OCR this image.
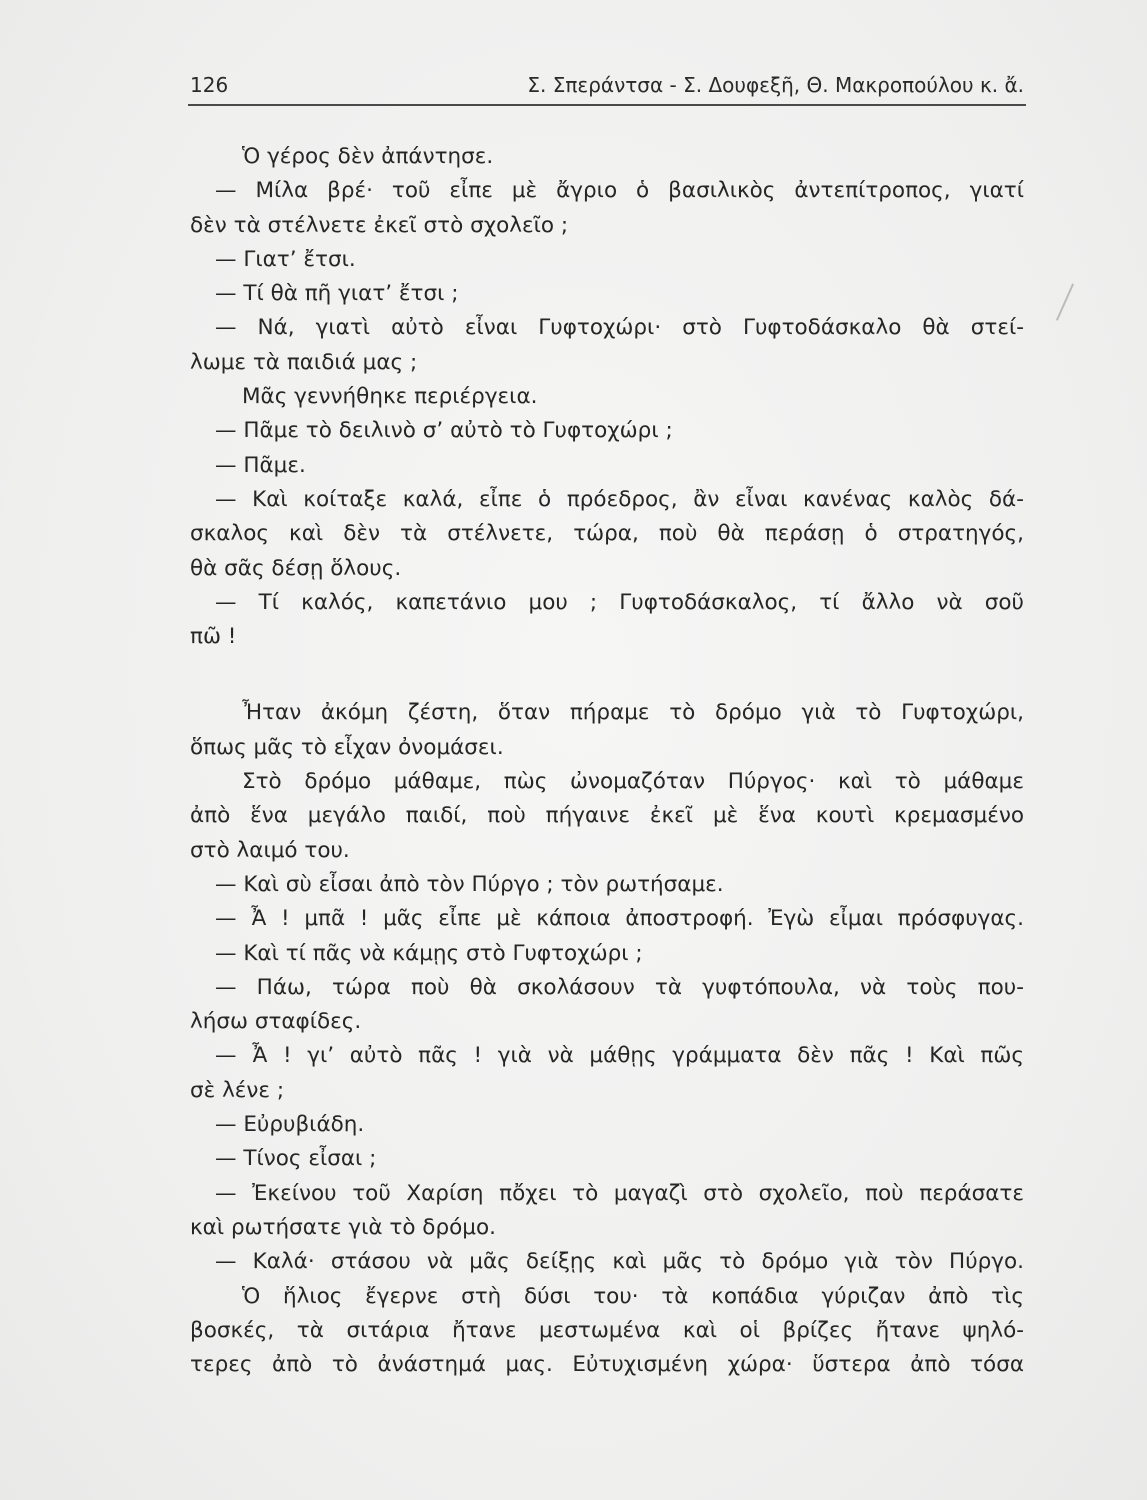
126	Σ. Σπεράντσα - Σ. Δουφεξῆ, Θ. Μακροπούλου κ. ἄ.
Ὁ γέρος δὲν ἀπάντησε.
— Μίλα βρέ· τοῦ εἶπε μὲ ἄγριο ὁ βασιλικὸς ἀντεπίτροπος, γιατί
δὲν τὰ στέλνετε ἐκεῖ στὸ σχολεῖο ;
— Γιατ’ ἔτσι.
— Τί θὰ πῆ γιατ’ ἔτσι ;
— Νά, γιατὶ αὐτὸ εἶναι Γυφτοχώρι· στὸ Γυφτοδάσκαλο θὰ στεί-
λωμε τὰ παιδιά μας ;
Μᾶς γεννήθηκε περιέργεια.
— Πᾶμε τὸ δειλινὸ σ’ αὐτὸ τὸ Γυφτοχώρι ;
— Πᾶμε.
— Καὶ κοίταξε καλά, εἶπε ὁ πρόεδρος, ἂν εἶναι κανένας καλὸς δά-
σκαλος καὶ δὲν τὰ στέλνετε, τώρα, ποὺ θὰ περάσῃ ὁ στρατηγός,
θὰ σᾶς δέσῃ ὅλους.
— Τί καλός, καπετάνιο μου ; Γυφτοδάσκαλος, τί ἄλλο νὰ σοῦ
πῶ !
Ἦταν ἀκόμη ζέστη, ὅταν πήραμε τὸ δρόμο γιὰ τὸ Γυφτοχώρι,
ὅπως μᾶς τὸ εἶχαν ὀνομάσει.
Στὸ δρόμο μάθαμε, πὼς ὠνομαζόταν Πύργος· καὶ τὸ μάθαμε
ἀπὸ ἕνα μεγάλο παιδί, ποὺ πήγαινε ἐκεῖ μὲ ἕνα κουτὶ κρεμασμένο
στὸ λαιμό του.
— Καὶ σὺ εἶσαι ἀπὸ τὸν Πύργο ; τὸν ρωτήσαμε.
— Ἆ ! μπᾶ ! μᾶς εἶπε μὲ κάποια ἀποστροφή. Ἐγὼ εἶμαι πρόσφυγας.
— Καὶ τί πᾶς νὰ κάμῃς στὸ Γυφτοχώρι ;
— Πάω, τώρα ποὺ θὰ σκολάσουν τὰ γυφτόπουλα, νὰ τοὺς που-
λήσω σταφίδες.
— Ἆ ! γι’ αὐτὸ πᾶς ! γιὰ νὰ μάθῃς γράμματα δὲν πᾶς ! Καὶ πῶς
σὲ λένε ;
— Εὐρυβιάδη.
— Τίνος εἶσαι ;
— Ἐκείνου τοῦ Χαρίση πὄχει τὸ μαγαζὶ στὸ σχολεῖο, ποὺ περάσατε
καὶ ρωτήσατε γιὰ τὸ δρόμο.
— Καλά· στάσου νὰ μᾶς δείξῃς καὶ μᾶς τὸ δρόμο γιὰ τὸν Πύργο.
Ὁ ἥλιος ἔγερνε στὴ δύσι του· τὰ κοπάδια γύριζαν ἀπὸ τὶς
βοσκές, τὰ σιτάρια ἤτανε μεστωμένα καὶ οἱ βρίζες ἤτανε ψηλό-
τερες ἀπὸ τὸ ἀνάστημά μας. Εὐτυχισμένη χώρα· ὕστερα ἀπὸ τόσα
